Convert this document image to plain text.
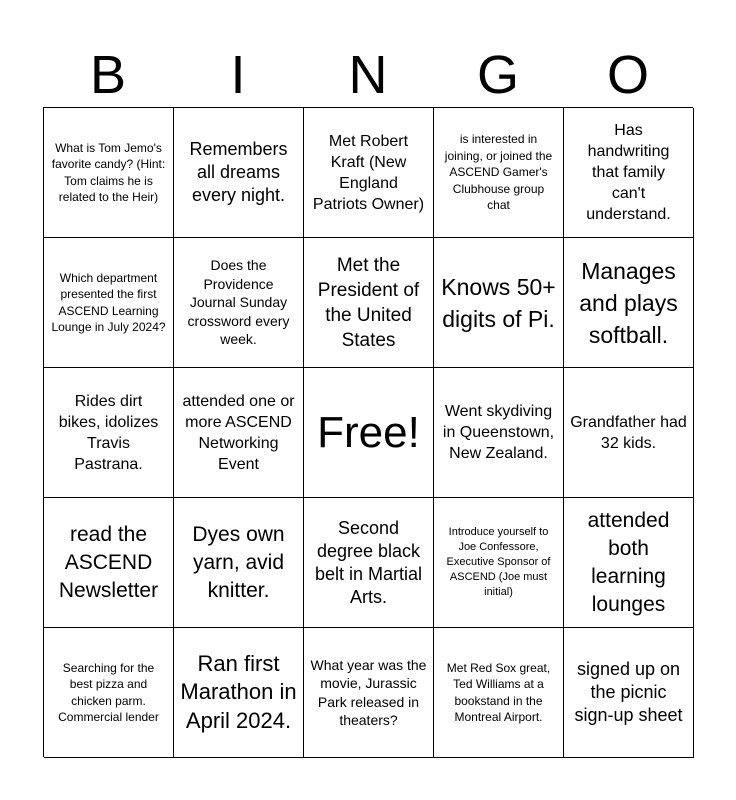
B	I	N	G	O
What is Tom Jemo's favorite candy? (Hint: Tom claims he is related to the Heir)
Remembers all dreams every night.
Met Robert Kraft (New England Patriots Owner)
is interested in joining, or joined the ASCEND Gamer's Clubhouse group chat
Has handwriting that family can't understand.
Which department presented the first ASCEND Learning Lounge in July 2024?
Does the Providence Journal Sunday crossword every week.
Met the President of the United States
Knows 50+ digits of Pi.
Manages and plays softball.
Rides dirt bikes, idolizes Travis Pastrana.
attended one or more ASCEND Networking Event
Free!	Went skydiving in Queenstown, New Zealand.
Grandfather had 32 kids.
read the ASCEND Newsletter
Dyes own yarn, avid knitter.
Second degree black belt in Martial Arts.
Introduce yourself to Joe Confessore, Executive Sponsor of ASCEND (Joe must initial)
attended both learning lounges
Searching for the best pizza and chicken parm. Commercial lender
Ran first Marathon in April 2024.
What year was the movie, Jurassic Park released in theaters?
Met Red Sox great, Ted Williams at a bookstand in the Montreal Airport.
signed up on the picnic sign-up sheet
